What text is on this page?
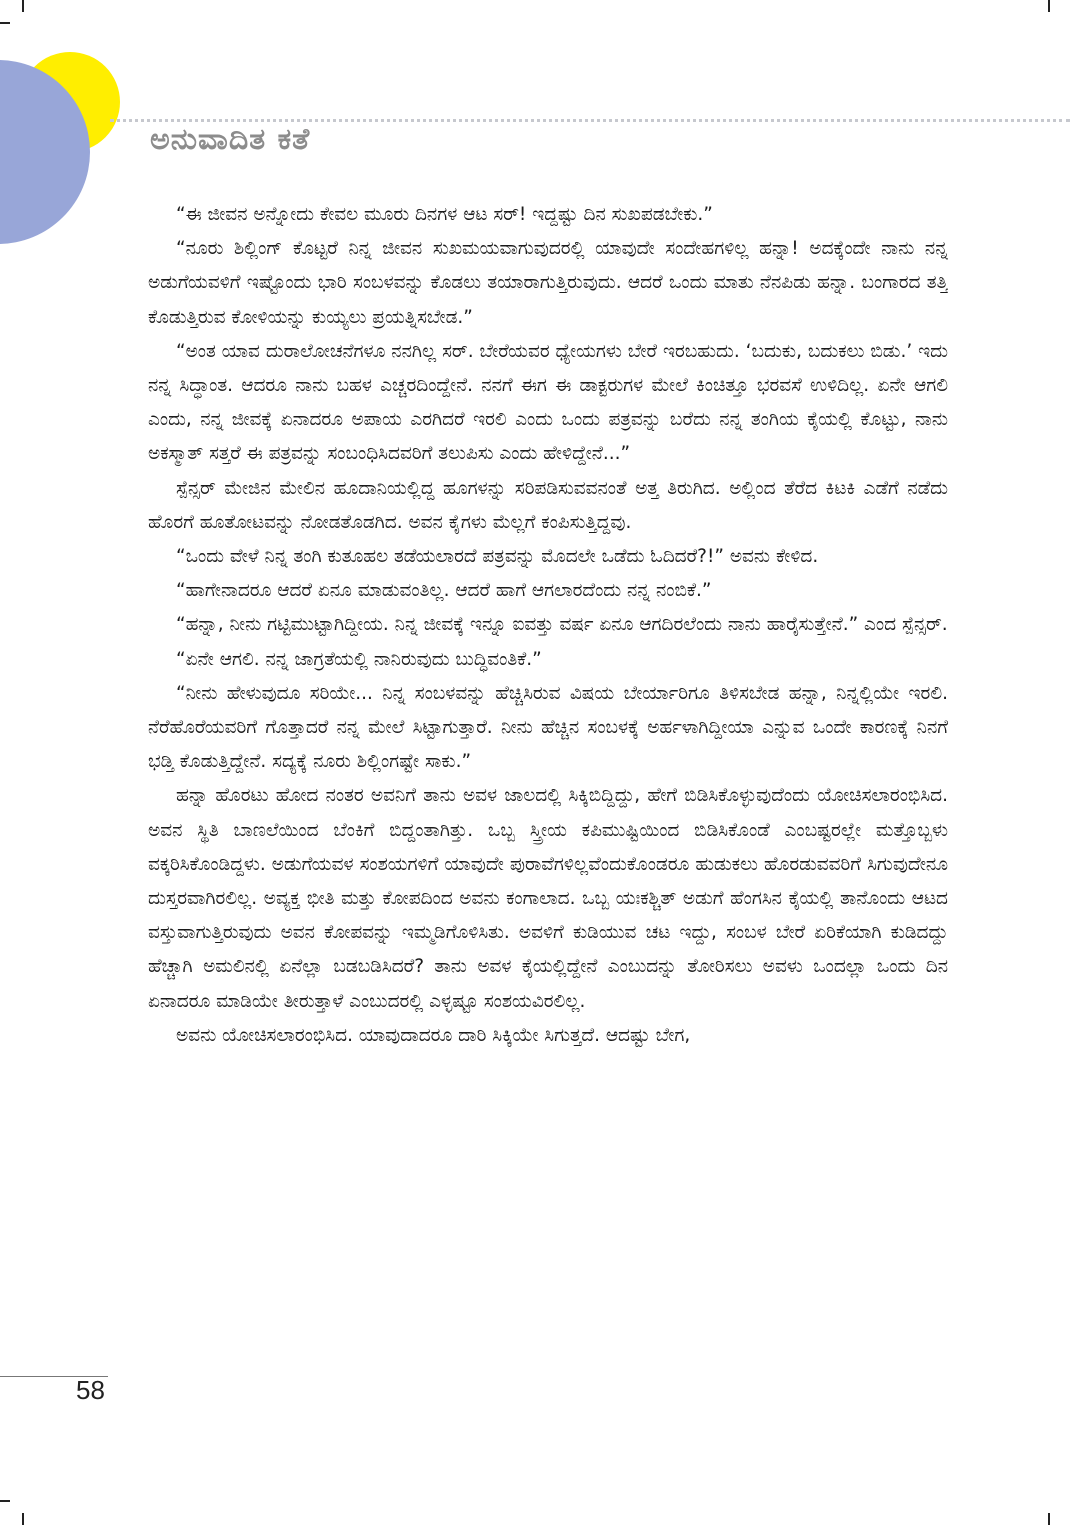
ಅನುವಾದಿತ ಕತೆ

“ಈ ಜೀವನ ಅನ್ನೋದು ಕೇವಲ ಮೂರು ದಿನಗಳ ಆಟ ಸರ್! ಇದ್ದಷ್ಟು ದಿನ ಸುಖಪಡಬೇಕು.”

“ನೂರು ಶಿಲ್ಲಿಂಗ್ ಕೊಟ್ಟರೆ ನಿನ್ನ ಜೀವನ ಸುಖಮಯವಾಗುವುದರಲ್ಲಿ ಯಾವುದೇ ಸಂದೇಹಗಳಿಲ್ಲ ಹನ್ನಾ! ಅದಕ್ಕೆಂದೇ ನಾನು ನನ್ನ ಅಡುಗೆಯವಳಿಗೆ ಇಷ್ಟೊಂದು ಭಾರಿ ಸಂಬಳವನ್ನು ಕೊಡಲು ತಯಾರಾಗುತ್ತಿರುವುದು. ಆದರೆ ಒಂದು ಮಾತು ನೆನಪಿಡು ಹನ್ನಾ. ಬಂಗಾರದ ತತ್ತಿ ಕೊಡುತ್ತಿರುವ ಕೋಳಿಯನ್ನು ಕುಯ್ಯಲು ಪ್ರಯತ್ನಿಸಬೇಡ.”

“ಅಂತ ಯಾವ ದುರಾಲೋಚನೆಗಳೂ ನನಗಿಲ್ಲ ಸರ್. ಬೇರೆಯವರ ಧ್ಯೇಯಗಳು ಬೇರೆ ಇರಬಹುದು. ‘ಬದುಕು, ಬದುಕಲು ಬಿಡು.’ ಇದು ನನ್ನ ಸಿದ್ಧಾಂತ. ಆದರೂ ನಾನು ಬಹಳ ಎಚ್ಚರದಿಂದ್ದೇನೆ. ನನಗೆ ಈಗ ಈ ಡಾಕ್ಟರುಗಳ ಮೇಲೆ ಕಿಂಚಿತ್ತೂ ಭರವಸೆ ಉಳಿದಿಲ್ಲ. ಏನೇ ಆಗಲಿ ಎಂದು, ನನ್ನ ಜೀವಕ್ಕೆ ಏನಾದರೂ ಅಪಾಯ ಎರಗಿದರೆ ಇರಲಿ ಎಂದು ಒಂದು ಪತ್ರವನ್ನು ಬರೆದು ನನ್ನ ತಂಗಿಯ ಕೈಯಲ್ಲಿ ಕೊಟ್ಟು, ನಾನು ಅಕಸ್ಮಾತ್ ಸತ್ತರೆ ಈ ಪತ್ರವನ್ನು ಸಂಬಂಧಿಸಿದವರಿಗೆ ತಲುಪಿಸು ಎಂದು ಹೇಳಿದ್ದೇನೆ...”

ಸ್ಪೆನ್ಸರ್ ಮೇಜಿನ ಮೇಲಿನ ಹೂದಾನಿಯಲ್ಲಿದ್ದ ಹೂಗಳನ್ನು ಸರಿಪಡಿಸುವವನಂತೆ ಅತ್ತ ತಿರುಗಿದ. ಅಲ್ಲಿಂದ ತೆರೆದ ಕಿಟಕಿ ಎಡೆಗೆ ನಡೆದು ಹೊರಗೆ ಹೂತೋಟವನ್ನು ನೋಡತೊಡಗಿದ. ಅವನ ಕೈಗಳು ಮೆಲ್ಲಗೆ ಕಂಪಿಸುತ್ತಿದ್ದವು.

“ಒಂದು ವೇಳೆ ನಿನ್ನ ತಂಗಿ ಕುತೂಹಲ ತಡೆಯಲಾರದೆ ಪತ್ರವನ್ನು ಮೊದಲೇ ಒಡೆದು ಓದಿದರೆ?!” ಅವನು ಕೇಳಿದ.

“ಹಾಗೇನಾದರೂ ಆದರೆ ಏನೂ ಮಾಡುವಂತಿಲ್ಲ. ಆದರೆ ಹಾಗೆ ಆಗಲಾರದೆಂದು ನನ್ನ ನಂಬಿಕೆ.”

“ಹನ್ನಾ, ನೀನು ಗಟ್ಟಿಮುಟ್ಟಾಗಿದ್ದೀಯ. ನಿನ್ನ ಜೀವಕ್ಕೆ ಇನ್ನೂ ಐವತ್ತು ವರ್ಷ ಏನೂ ಆಗದಿರಲೆಂದು ನಾನು ಹಾರೈಸುತ್ತೇನೆ.” ಎಂದ ಸ್ಪೆನ್ಸರ್.

“ಏನೇ ಆಗಲಿ. ನನ್ನ ಜಾಗ್ರತೆಯಲ್ಲಿ ನಾನಿರುವುದು ಬುದ್ಧಿವಂತಿಕೆ.”

“ನೀನು ಹೇಳುವುದೂ ಸರಿಯೇ... ನಿನ್ನ ಸಂಬಳವನ್ನು ಹೆಚ್ಚಿಸಿರುವ ವಿಷಯ ಬೇರ್ಯಾರಿಗೂ ತಿಳಿಸಬೇಡ ಹನ್ನಾ, ನಿನ್ನಲ್ಲಿಯೇ ಇರಲಿ. ನೆರೆಹೊರೆಯವರಿಗೆ ಗೊತ್ತಾದರೆ ನನ್ನ ಮೇಲೆ ಸಿಟ್ಟಾಗುತ್ತಾರೆ. ನೀನು ಹೆಚ್ಚಿನ ಸಂಬಳಕ್ಕೆ ಅರ್ಹಳಾಗಿದ್ದೀಯಾ ಎನ್ನುವ ಒಂದೇ ಕಾರಣಕ್ಕೆ ನಿನಗೆ ಭಡ್ತಿ ಕೊಡುತ್ತಿದ್ದೇನೆ. ಸದ್ಯಕ್ಕೆ ನೂರು ಶಿಲ್ಲಿಂಗಷ್ಟೇ ಸಾಕು.”

ಹನ್ನಾ ಹೊರಟು ಹೋದ ನಂತರ ಅವನಿಗೆ ತಾನು ಅವಳ ಜಾಲದಲ್ಲಿ ಸಿಕ್ಕಿಬಿದ್ದಿದ್ದು, ಹೇಗೆ ಬಿಡಿಸಿಕೊಳ್ಳುವುದೆಂದು ಯೋಚಿಸಲಾರಂಭಿಸಿದ. ಅವನ ಸ್ಥಿತಿ ಬಾಣಲೆಯಿಂದ ಬೆಂಕಿಗೆ ಬಿದ್ದಂತಾಗಿತ್ತು. ಒಬ್ಬ ಸ್ತ್ರೀಯ ಕಪಿಮುಷ್ಟಿಯಿಂದ ಬಿಡಿಸಿಕೊಂಡೆ ಎಂಬಷ್ಟರಲ್ಲೇ ಮತ್ತೊಬ್ಬಳು ವಕ್ಕರಿಸಿಕೊಂಡಿದ್ದಳು. ಅಡುಗೆಯವಳ ಸಂಶಯಗಳಿಗೆ ಯಾವುದೇ ಪುರಾವೆಗಳಿಲ್ಲವೆಂದುಕೊಂಡರೂ ಹುಡುಕಲು ಹೊರಡುವವರಿಗೆ ಸಿಗುವುದೇನೂ ದುಸ್ತರವಾಗಿರಲಿಲ್ಲ. ಅವ್ಯಕ್ತ ಭೀತಿ ಮತ್ತು ಕೋಪದಿಂದ ಅವನು ಕಂಗಾಲಾದ. ಒಬ್ಬ ಯಃಕಶ್ಚಿತ್ ಅಡುಗೆ ಹೆಂಗಸಿನ ಕೈಯಲ್ಲಿ ತಾನೊಂದು ಆಟದ ವಸ್ತುವಾಗುತ್ತಿರುವುದು ಅವನ ಕೋಪವನ್ನು ಇಮ್ಮಡಿಗೊಳಿಸಿತು. ಅವಳಿಗೆ ಕುಡಿಯುವ ಚಟ ಇದ್ದು, ಸಂಬಳ ಬೇರೆ ಏರಿಕೆಯಾಗಿ ಕುಡಿದದ್ದು ಹೆಚ್ಚಾಗಿ ಅಮಲಿನಲ್ಲಿ ಏನೆಲ್ಲಾ ಬಡಬಡಿಸಿದರೆ? ತಾನು ಅವಳ ಕೈಯಲ್ಲಿದ್ದೇನೆ ಎಂಬುದನ್ನು ತೋರಿಸಲು ಅವಳು ಒಂದಲ್ಲಾ ಒಂದು ದಿನ ಏನಾದರೂ ಮಾಡಿಯೇ ತೀರುತ್ತಾಳೆ ಎಂಬುದರಲ್ಲಿ ಎಳ್ಳಷ್ಟೂ ಸಂಶಯವಿರಲಿಲ್ಲ.

ಅವನು ಯೋಚಿಸಲಾರಂಭಿಸಿದ. ಯಾವುದಾದರೂ ದಾರಿ ಸಿಕ್ಕಿಯೇ ಸಿಗುತ್ತದೆ. ಆದಷ್ಟು ಬೇಗ,

58
